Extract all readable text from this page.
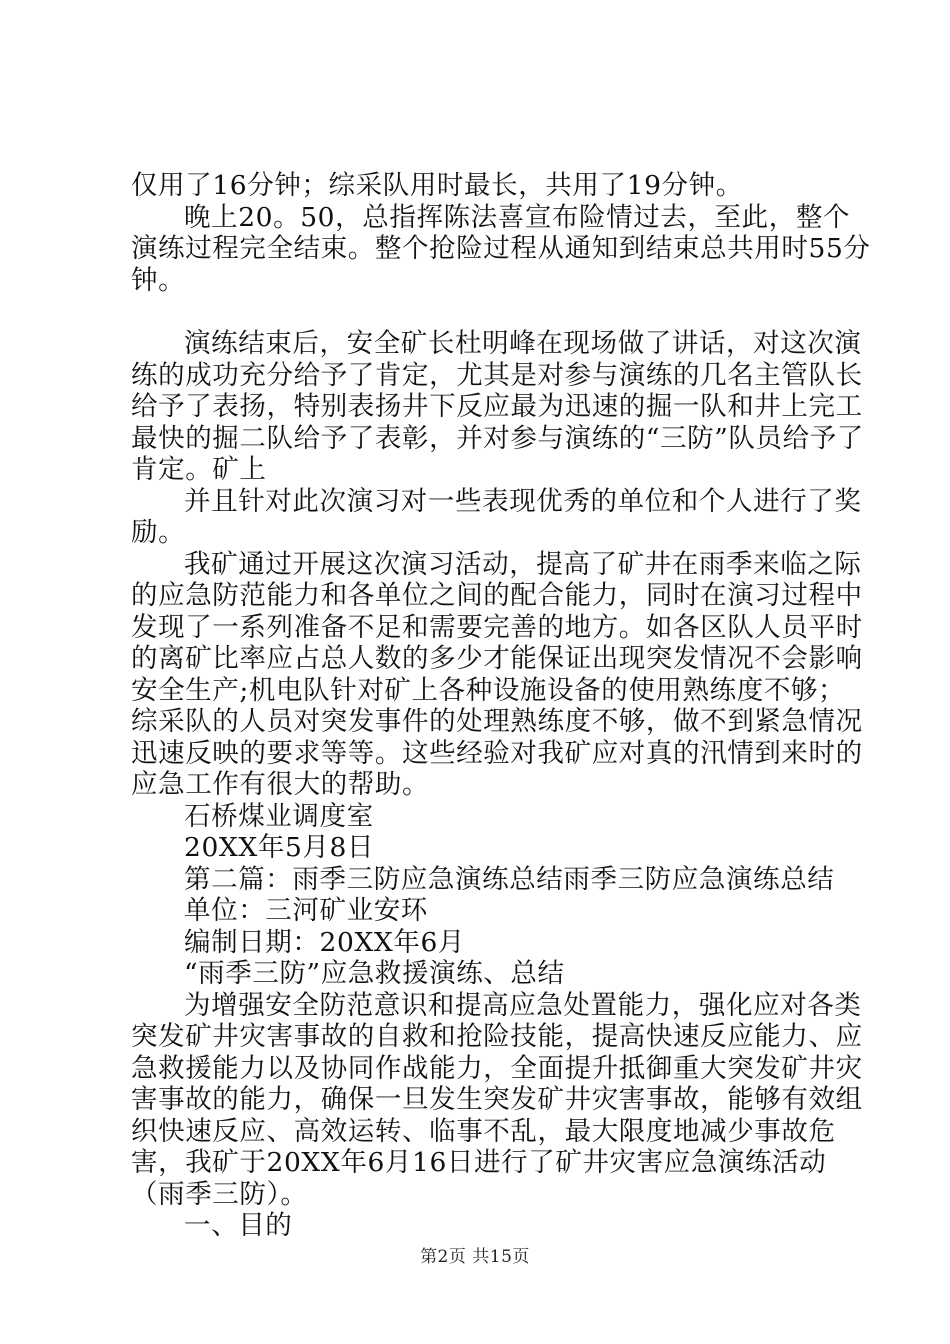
仅用了16分钟；综采队用时最长，共用了19分钟。

晚上20。50，总指挥陈法喜宣布险情过去，至此，整个演练过程完全结束。整个抢险过程从通知到结束总共用时55分钟。

演练结束后，安全矿长杜明峰在现场做了讲话，对这次演练的成功充分给予了肯定，尤其是对参与演练的几名主管队长给予了表扬，特别表扬井下反应最为迅速的掘一队和井上完工最快的掘二队给予了表彰，并对参与演练的“三防”队员给予了肯定。矿上

并且针对此次演习对一些表现优秀的单位和个人进行了奖励。

我矿通过开展这次演习活动，提高了矿井在雨季来临之际的应急防范能力和各单位之间的配合能力，同时在演习过程中发现了一系列准备不足和需要完善的地方。如各区队人员平时的离矿比率应占总人数的多少才能保证出现突发情况不会影响安全生产;机电队针对矿上各种设施设备的使用熟练度不够；综采队的人员对突发事件的处理熟练度不够，做不到紧急情况迅速反映的要求等等。这些经验对我矿应对真的汛情到来时的应急工作有很大的帮助。

石桥煤业调度室

20XX年5月8日

第二篇：雨季三防应急演练总结雨季三防应急演练总结

单位：三河矿业安环

编制日期：20XX年6月

“雨季三防”应急救援演练、总结

为增强安全防范意识和提高应急处置能力，强化应对各类突发矿井灾害事故的自救和抢险技能，提高快速反应能力、应急救援能力以及协同作战能力，全面提升抵御重大突发矿井灾害事故的能力，确保一旦发生突发矿井灾害事故，能够有效组织快速反应、高效运转、临事不乱，最大限度地减少事故危害，我矿于20XX年6月16日进行了矿井灾害应急演练活动（雨季三防）。

一、目的

第2页 共15页
